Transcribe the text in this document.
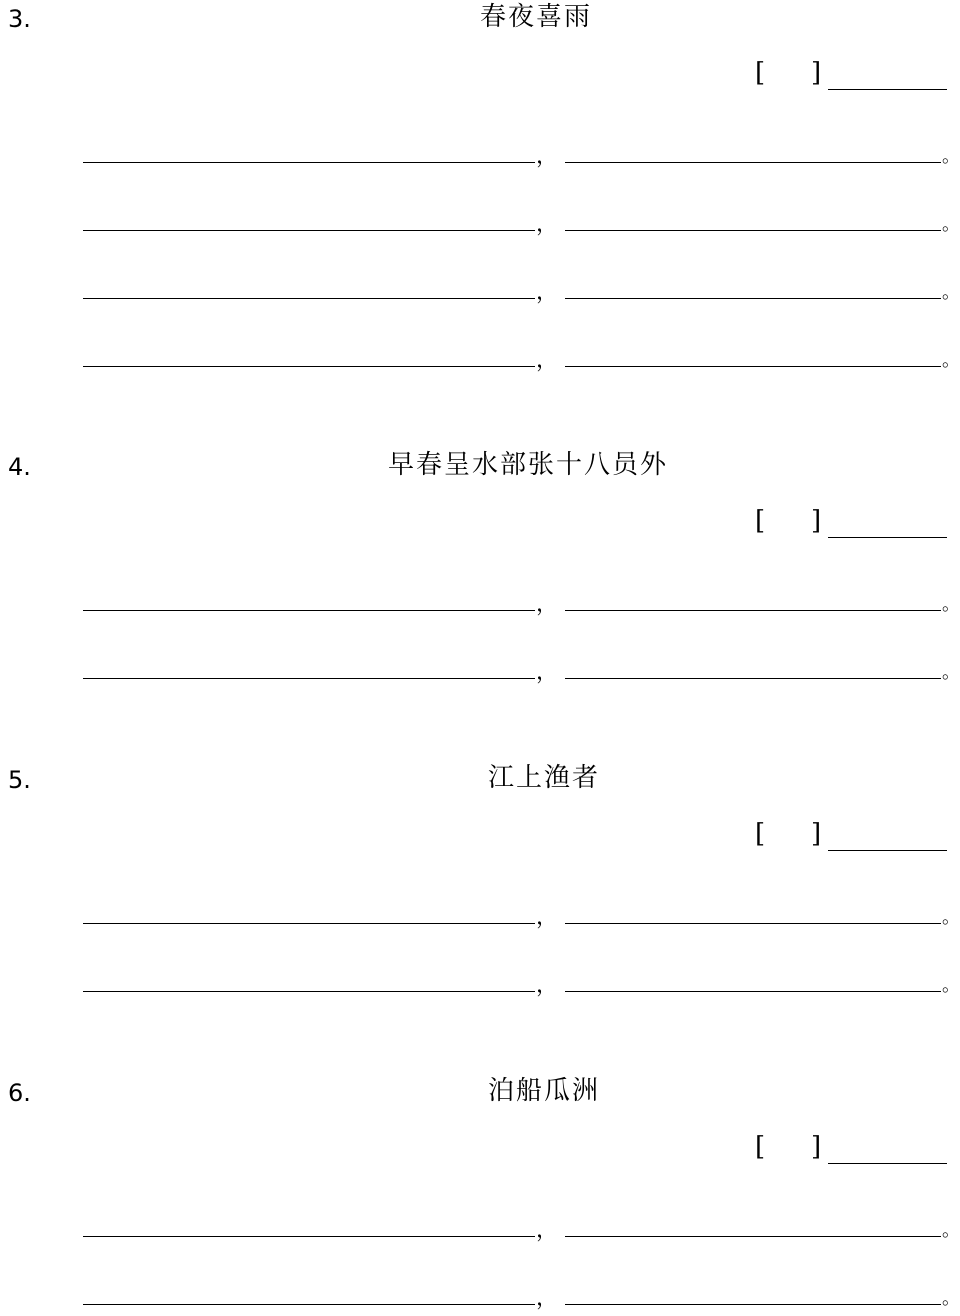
3.	春夜喜雨
[ ]
，	。
，	。
，	。
，	。
4.	早春呈水部张十八员外
[ ]
，	。
，	。
5.	江上渔者
[ ]
，	。
，	。
6.	泊船瓜洲
[ ]
，	。
，	。
